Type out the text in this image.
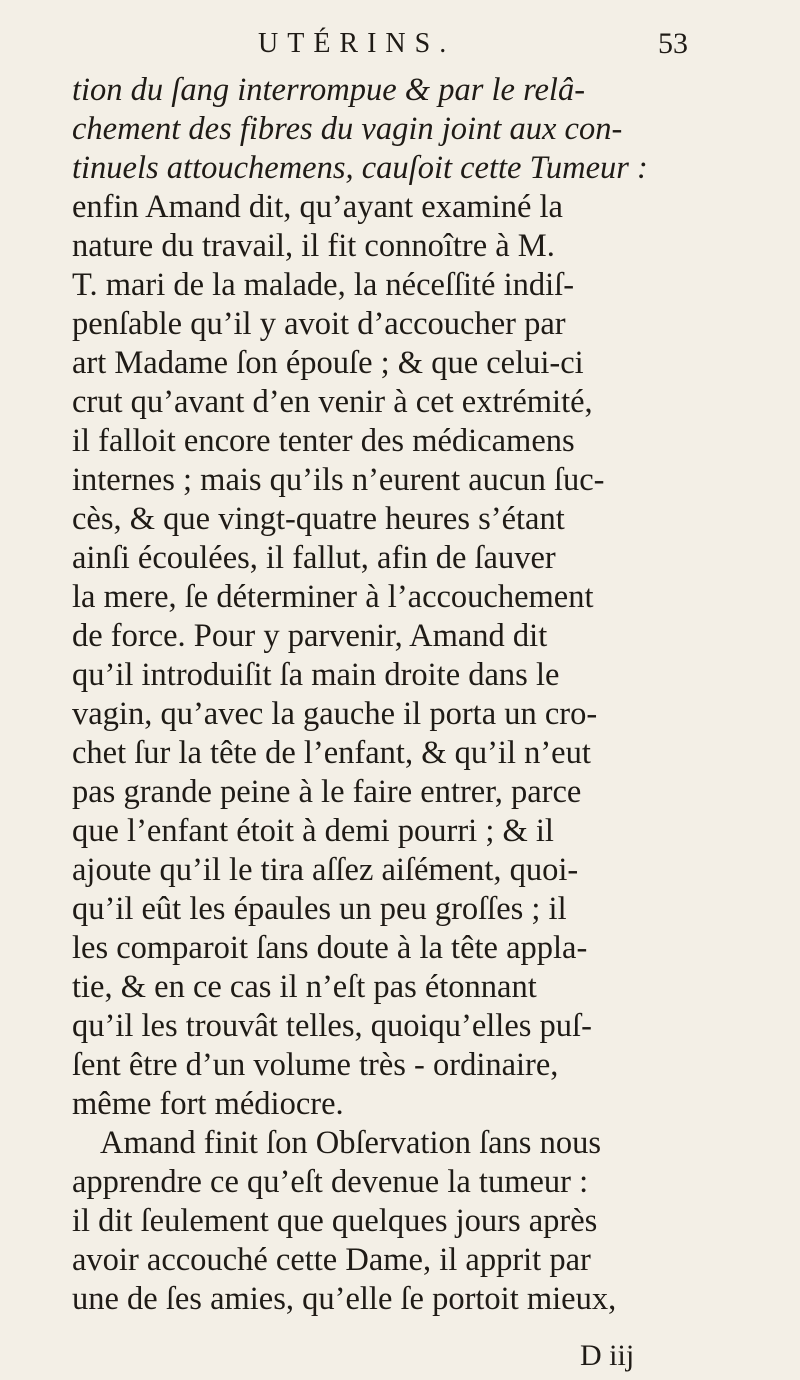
UTÉRINS.	53
tion du ſang interrompue & par le relâ-
chement des fibres du vagin joint aux con-
tinuels attouchemens, cauſoit cette Tumeur :
enfin Amand dit, qu’ayant examiné la
nature du travail, il fit connoître à M.
T. mari de la malade, la néceſſité indiſ-
penſable qu’il y avoit d’accoucher par
art Madame ſon épouſe ; & que celui-ci
crut qu’avant d’en venir à cet extrémité,
il falloit encore tenter des médicamens
internes ; mais qu’ils n’eurent aucun ſuc-
cès, & que vingt-quatre heures s’étant
ainſi écoulées, il fallut, afin de ſauver
la mere, ſe déterminer à l’accouchement
de force. Pour y parvenir, Amand dit
qu’il introduiſit ſa main droite dans le
vagin, qu’avec la gauche il porta un cro-
chet ſur la tête de l’enfant, & qu’il n’eut
pas grande peine à le faire entrer, parce
que l’enfant étoit à demi pourri ; & il
ajoute qu’il le tira aſſez aiſément, quoi-
qu’il eût les épaules un peu groſſes ; il
les comparoit ſans doute à la tête appla-
tie, & en ce cas il n’eſt pas étonnant
qu’il les trouvât telles, quoiqu’elles puſ-
ſent être d’un volume très - ordinaire,
même fort médiocre.
Amand finit ſon Obſervation ſans nous
apprendre ce qu’eſt devenue la tumeur :
il dit ſeulement que quelques jours après
avoir accouché cette Dame, il apprit par
une de ſes amies, qu’elle ſe portoit mieux,
D iij
